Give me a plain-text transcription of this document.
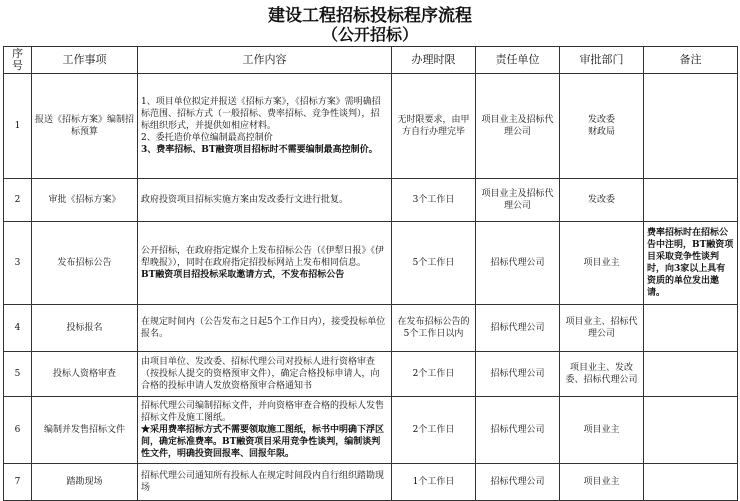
建设工程招标投标程序流程
（公开招标）
序号	工作事项	工作内容	办理时限	责任单位	审批部门	备注
1	报送《招标方案》编制招标预算	1、项目单位拟定并报送《招标方案》，《招标方案》需明确招标范围、招标方式（一般招标、费率招标、竞争性谈判），招标组织形式，并提供如相应材料。
2、委托造价单位编制最高控制价
3、费率招标、BT融资项目招标时不需要编制最高控制价。	无时限要求，由甲方自行办理完毕	项目业主及招标代理公司	发改委
财政局	
2	审批《招标方案》	政府投资项目招标实施方案由发改委行文进行批复。	3个工作日	项目业主及招标代理公司	发改委	
3	发布招标公告	公开招标，在政府指定媒介上发布招标公告（《伊犁日报》《伊犁晚报》），同时在政府指定招投标网站上发布相同信息。
BT融资项目招投标采取邀请方式，不发布招标公告	5个工作日	招标代理公司	项目业主	费率招标时在招标公告中注明，BT融资项目采取竞争性谈判时，向3家以上具有资质的单位发出邀请。
4	投标报名	在规定时间内（公告发布之日起5个工作日内），接受投标单位报名。	在发布招标公告的5个工作日以内	招标代理公司	项目业主、招标代理公司	
5	投标人资格审查	由项目单位、发改委、招标代理公司对投标人进行资格审查（按投标人提交的资格预审文件），确定合格投标申请人，向合格的投标申请人发放资格预审合格通知书	2个工作日	招标代理公司	项目业主、发改委、招标代理公司	
6	编制并发售招标文件	招标代理公司编制招标文件，并向资格审查合格的投标人发售招标文件及施工图纸。
★采用费率招标方式不需要领取施工图纸，标书中明确下浮区间，确定标准费率。BT融资项目采用竞争性谈判，编制谈判性文件，明确投资回报率、回报年限。	2个工作日	招标代理公司	项目业主	
7	踏勘现场	招标代理公司通知所有投标人在规定时间段内自行组织踏勘现场	1个工作日	招标代理公司	项目业主	
